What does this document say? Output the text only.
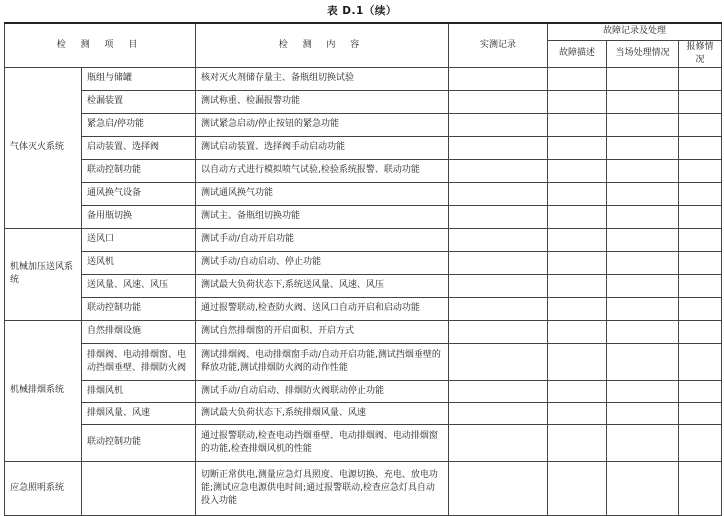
表 D.1（续）
检 测 项 目		检 测 内 容	实测记录	故障记录及处理		
				故障描述	当场处理情况	报修情况
气体灭火系统	瓶组与储罐	核对灭火剂储存量主、备瓶组切换试验				
	检漏装置	测试称重、检漏报警功能				
	紧急启/停功能	测试紧急启动/停止按钮的紧急功能				
	启动装置、选择阀	测试启动装置、选择阀手动启动功能				
	联动控制功能	以自动方式进行模拟喷气试验,检验系统报警、联动功能				
	通风换气设备	测试通风换气功能				
	备用瓶切换	测试主、备瓶组切换功能				
机械加压送风系统	送风口	测试手动/自动开启功能				
	送风机	测试手动/自动启动、停止功能				
	送风量、风速、风压	测试最大负荷状态下,系统送风量、风速、风压				
	联动控制功能	通过报警联动,检查防火阀、送风口自动开启和启动功能				
机械排烟系统	自然排烟设施	测试自然排烟窗的开启面积、开启方式				
	排烟阀、电动排烟窗、电动挡烟垂壁、排烟防火阀	测试排烟阀、电动排烟窗手动/自动开启功能,测试挡烟垂壁的释放功能,测试排烟防火阀的动作性能				
	排烟风机	测试手动/自动启动、排烟防火阀联动停止功能				
	排烟风量、风速	测试最大负荷状态下,系统排烟风量、风速				
	联动控制功能	通过报警联动,检查电动挡烟垂壁、电动排烟阀、电动排烟窗的功能,检查排烟风机的性能				
应急照明系统		切断正常供电,测量应急灯具照度、电源切换、充电、放电功能;测试应急电源供电时间;通过报警联动,检查应急灯具自动投入功能				
